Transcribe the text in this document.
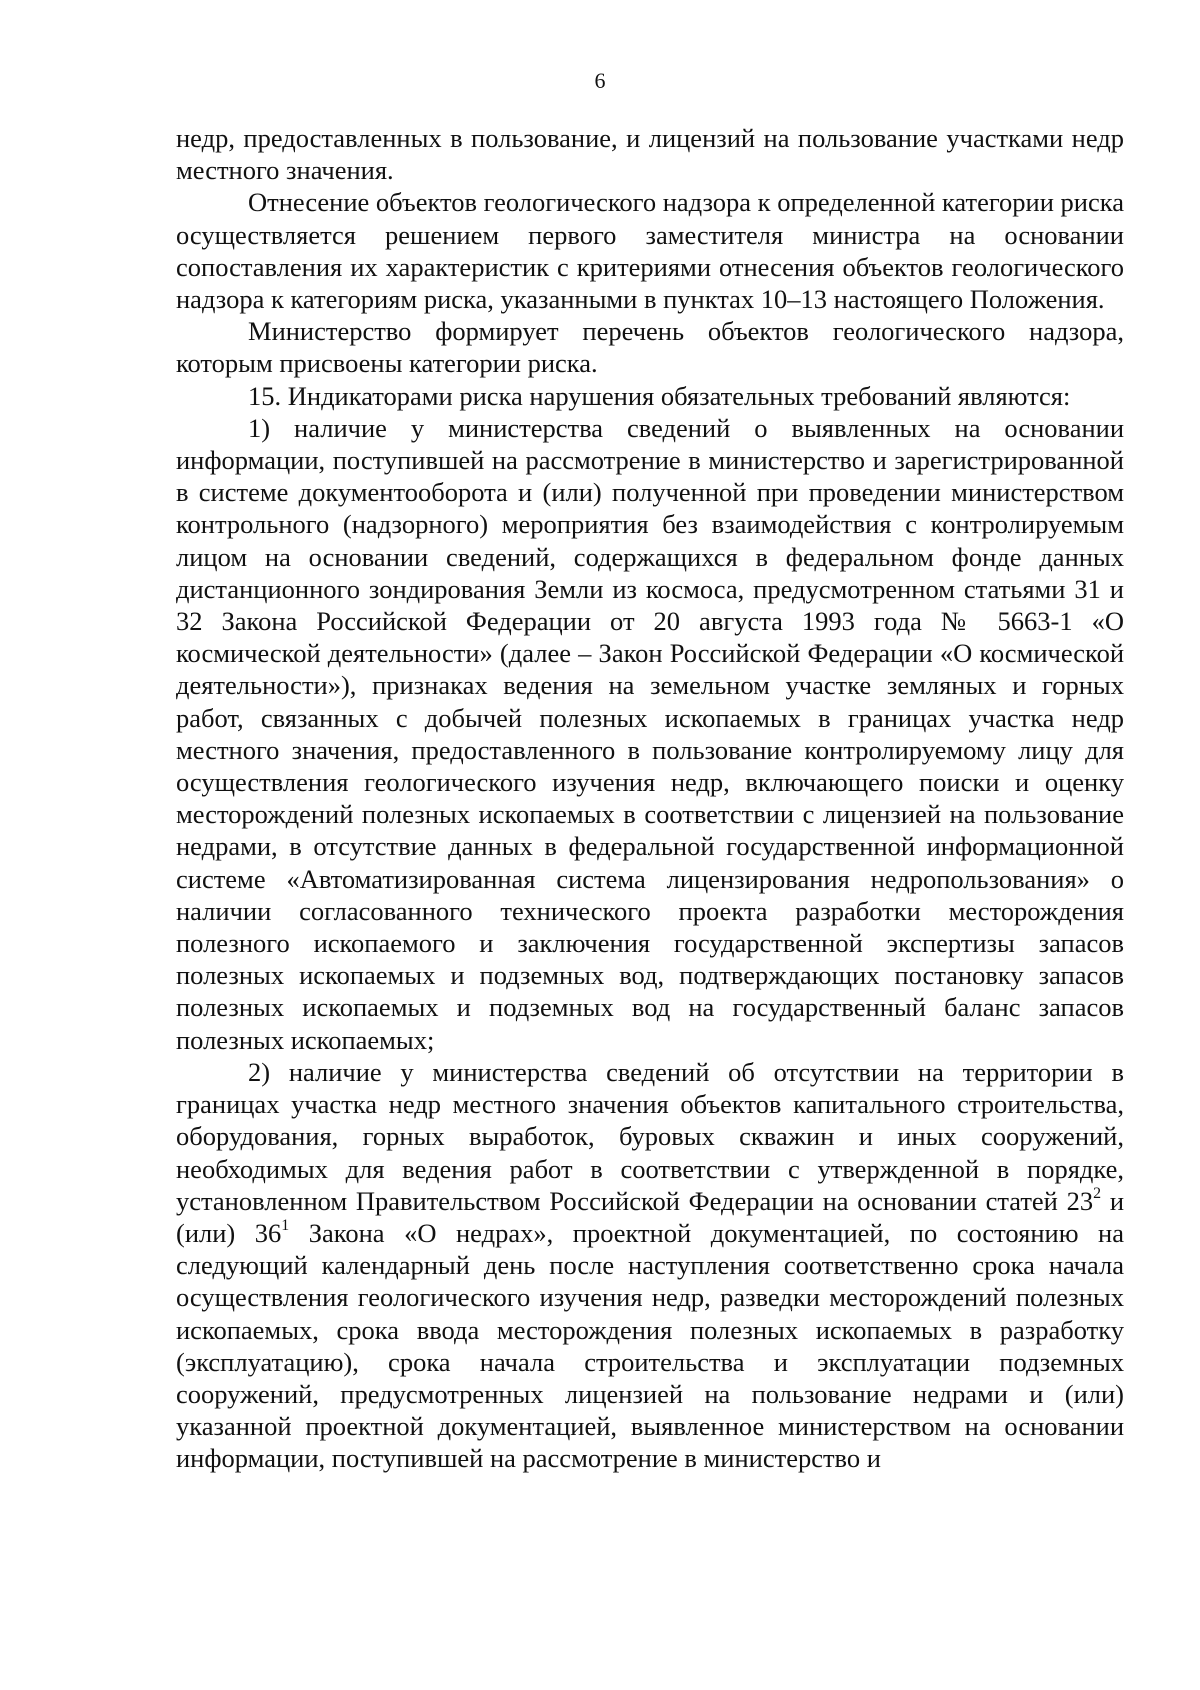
6

недр, предоставленных в пользование, и лицензий на пользование участками недр местного значения.

Отнесение объектов геологического надзора к определенной категории риска осуществляется решением первого заместителя министра на основании сопоставления их характеристик с критериями отнесения объектов геологического надзора к категориям риска, указанными в пунктах 10–13 настоящего Положения.

Министерство формирует перечень объектов геологического надзора, которым присвоены категории риска.

15. Индикаторами риска нарушения обязательных требований являются:

1) наличие у министерства сведений о выявленных на основании информации, поступившей на рассмотрение в министерство и зарегистрированной в системе документооборота и (или) полученной при проведении министерством контрольного (надзорного) мероприятия без взаимодействия с контролируемым лицом на основании сведений, содержащихся в федеральном фонде данных дистанционного зондирования Земли из космоса, предусмотренном статьями 31 и 32 Закона Российской Федерации от 20 августа 1993 года № 5663-1 «О космической деятельности» (далее – Закон Российской Федерации «О космической деятельности»), признаках ведения на земельном участке земляных и горных работ, связанных с добычей полезных ископаемых в границах участка недр местного значения, предоставленного в пользование контролируемому лицу для осуществления геологического изучения недр, включающего поиски и оценку месторождений полезных ископаемых в соответствии с лицензией на пользование недрами, в отсутствие данных в федеральной государственной информационной системе «Автоматизированная система лицензирования недропользования» о наличии согласованного технического проекта разработки месторождения полезного ископаемого и заключения государственной экспертизы запасов полезных ископаемых и подземных вод, подтверждающих постановку запасов полезных ископаемых и подземных вод на государственный баланс запасов полезных ископаемых;

2) наличие у министерства сведений об отсутствии на территории в границах участка недр местного значения объектов капитального строительства, оборудования, горных выработок, буровых скважин и иных сооружений, необходимых для ведения работ в соответствии с утвержденной в порядке, установленном Правительством Российской Федерации на основании статей $23^2$ и (или) $36^1$ Закона «О недрах», проектной документацией, по состоянию на следующий календарный день после наступления соответственно срока начала осуществления геологического изучения недр, разведки месторождений полезных ископаемых, срока ввода месторождения полезных ископаемых в разработку (эксплуатацию), срока начала строительства и эксплуатации подземных сооружений, предусмотренных лицензией на пользование недрами и (или) указанной проектной документацией, выявленное министерством на основании информации, поступившей на рассмотрение в министерство и
